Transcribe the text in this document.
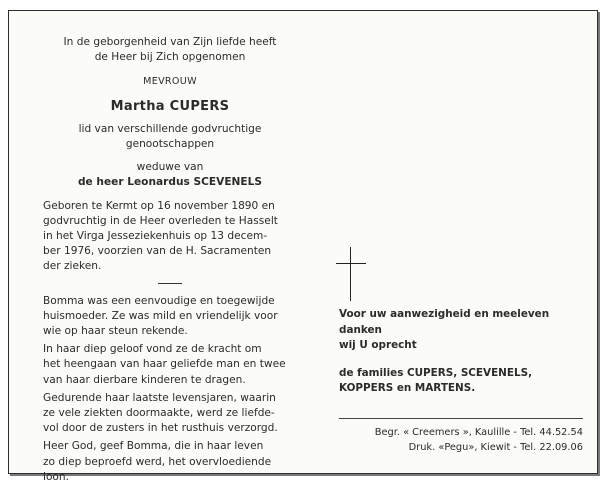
In de geborgenheid van Zijn liefde heeft
de Heer bij Zich opgenomen
MEVROUW
Martha CUPERS
lid van verschillende godvruchtige
genootschappen
weduwe van
de heer Leonardus SCEVENELS
Geboren te Kermt op 16 november 1890 en
godvruchtig in de Heer overleden te Hasselt
in het Virga Jesseziekenhuis op 13 decem-
ber 1976, voorzien van de H. Sacramenten
der zieken.
Bomma was een eenvoudige en toegewijde
huismoeder. Ze was mild en vriendelijk voor
wie op haar steun rekende.
In haar diep geloof vond ze de kracht om
het heengaan van haar geliefde man en twee
van haar dierbare kinderen te dragen.
Gedurende haar laatste levensjaren, waarin
ze vele ziekten doormaakte, werd ze liefde-
vol door de zusters in het rusthuis verzorgd.
Heer God, geef Bomma, die in haar leven
zo diep beproefd werd, het overvloediende
loon.
Voor uw aanwezigheid en meeleven danken
wij U oprecht
de families CUPERS, SCEVENELS,
KOPPERS en MARTENS.
Begr. « Creemers », Kaulille - Tel. 44.52.54
Druk. «Pegu», Kiewit - Tel. 22.09.06
